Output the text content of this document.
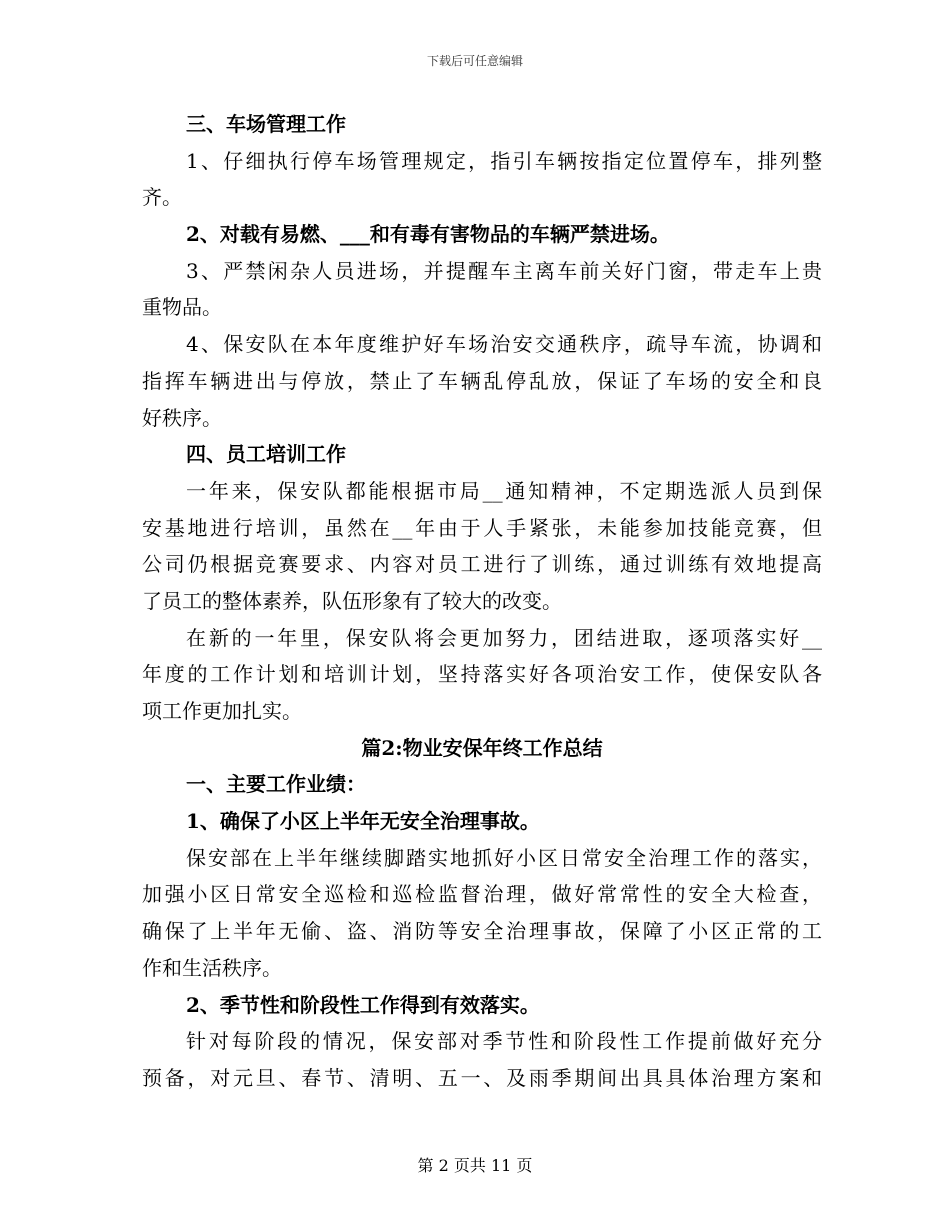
下载后可任意编辑
三、车场管理工作
1、仔细执行停车场管理规定，指引车辆按指定位置停车，排列整
齐。
2、对载有易燃、___和有毒有害物品的车辆严禁进场。
3、严禁闲杂人员进场，并提醒车主离车前关好门窗，带走车上贵
重物品。
4、保安队在本年度维护好车场治安交通秩序，疏导车流，协调和
指挥车辆进出与停放，禁止了车辆乱停乱放，保证了车场的安全和良
好秩序。
四、员工培训工作
一年来，保安队都能根据市局__通知精神，不定期选派人员到保
安基地进行培训，虽然在__年由于人手紧张，未能参加技能竞赛，但
公司仍根据竞赛要求、内容对员工进行了训练，通过训练有效地提高
了员工的整体素养，队伍形象有了较大的改变。
在新的一年里，保安队将会更加努力，团结进取，逐项落实好__
年度的工作计划和培训计划，坚持落实好各项治安工作，使保安队各
项工作更加扎实。
篇2:物业安保年终工作总结
一、主要工作业绩：
1、确保了小区上半年无安全治理事故。
保安部在上半年继续脚踏实地抓好小区日常安全治理工作的落实，
加强小区日常安全巡检和巡检监督治理，做好常常性的安全大检查，
确保了上半年无偷、盗、消防等安全治理事故，保障了小区正常的工
作和生活秩序。
2、季节性和阶段性工作得到有效落实。
针对每阶段的情况，保安部对季节性和阶段性工作提前做好充分
预备，对元旦、春节、清明、五一、及雨季期间出具具体治理方案和
第 2 页共 11 页
